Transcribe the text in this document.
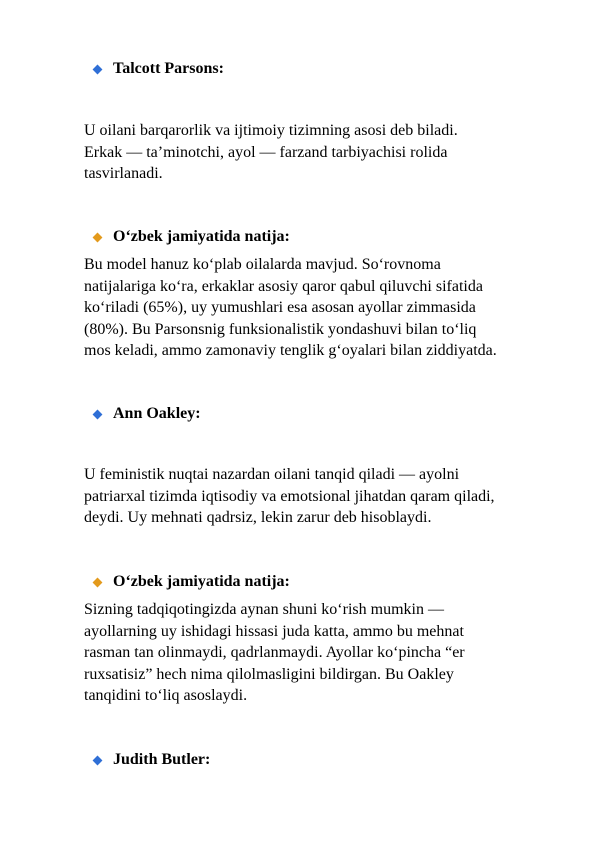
Talcott Parsons:

U oilani barqarorlik va ijtimoiy tizimning asosi deb biladi.
Erkak — ta’minotchi, ayol — farzand tarbiyachisi rolida
tasvirlanadi.

O‘zbek jamiyatida natija:

Bu model hanuz ko‘plab oilalarda mavjud. So‘rovnoma
natijalariga ko‘ra, erkaklar asosiy qaror qabul qiluvchi sifatida
ko‘riladi (65%), uy yumushlari esa asosan ayollar zimmasida
(80%). Bu Parsonsnig funksionalistik yondashuvi bilan to‘liq
mos keladi, ammo zamonaviy tenglik g‘oyalari bilan ziddiyatda.

Ann Oakley:

U feministik nuqtai nazardan oilani tanqid qiladi — ayolni
patriarxal tizimda iqtisodiy va emotsional jihatdan qaram qiladi,
deydi. Uy mehnati qadrsiz, lekin zarur deb hisoblaydi.

O‘zbek jamiyatida natija:

Sizning tadqiqotingizda aynan shuni ko‘rish mumkin —
ayollarning uy ishidagi hissasi juda katta, ammo bu mehnat
rasman tan olinmaydi, qadrlanmaydi. Ayollar ko‘pincha “er
ruxsatisiz” hech nima qilolmasligini bildirgan. Bu Oakley
tanqidini to‘liq asoslaydi.

Judith Butler:
